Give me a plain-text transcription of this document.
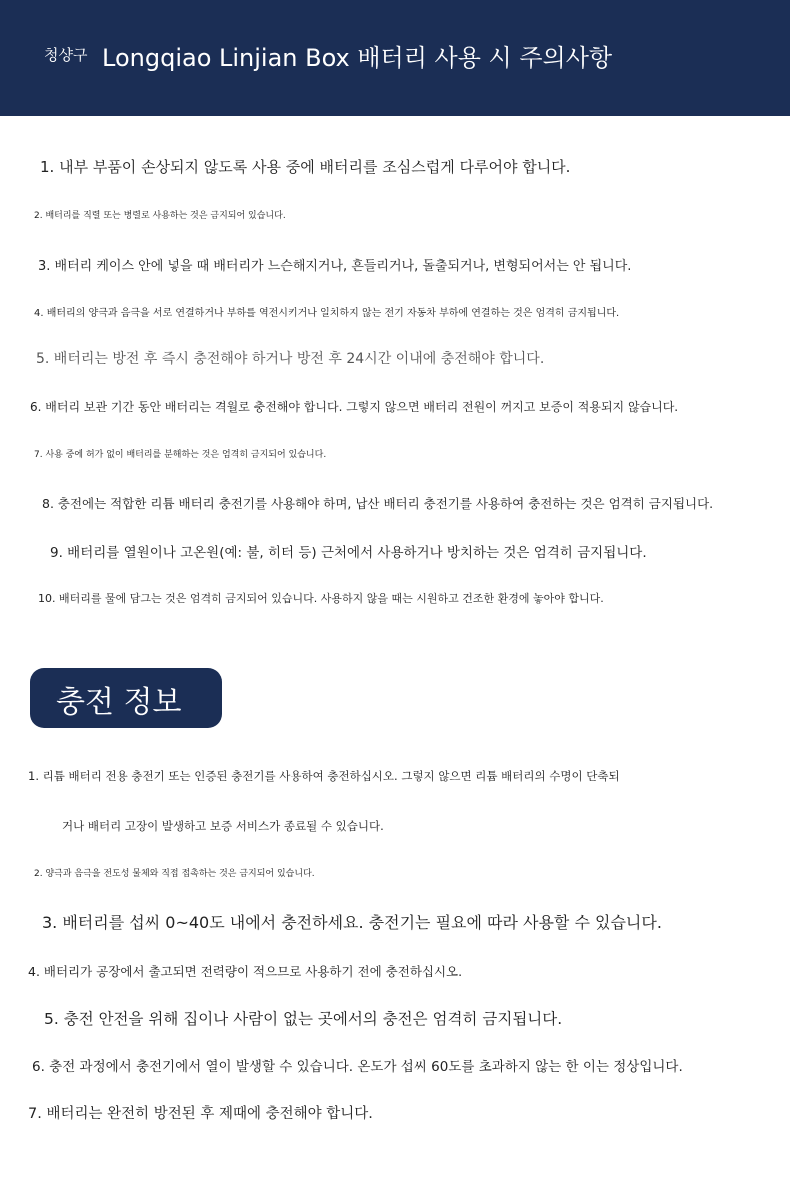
청샹구 Longqiao Linjian Box 배터리 사용 시 주의사항
1. 내부 부품이 손상되지 않도록 사용 중에 배터리를 조심스럽게 다루어야 합니다.
2. 배터리를 직렬 또는 병렬로 사용하는 것은 금지되어 있습니다.
3. 배터리 케이스 안에 넣을 때 배터리가 느슨해지거나, 흔들리거나, 돌출되거나, 변형되어서는 안 됩니다.
4. 배터리의 양극과 음극을 서로 연결하거나 부하를 역전시키거나 일치하지 않는 전기 자동차 부하에 연결하는 것은 엄격히 금지됩니다.
5. 배터리는 방전 후 즉시 충전해야 하거나 방전 후 24시간 이내에 충전해야 합니다.
6. 배터리 보관 기간 동안 배터리는 격월로 충전해야 합니다. 그렇지 않으면 배터리 전원이 꺼지고 보증이 적용되지 않습니다.
7. 사용 중에 허가 없이 배터리를 분해하는 것은 엄격히 금지되어 있습니다.
8. 충전에는 적합한 리튬 배터리 충전기를 사용해야 하며, 납산 배터리 충전기를 사용하여 충전하는 것은 엄격히 금지됩니다.
9. 배터리를 열원이나 고온원(예: 불, 히터 등) 근처에서 사용하거나 방치하는 것은 엄격히 금지됩니다.
10. 배터리를 물에 담그는 것은 엄격히 금지되어 있습니다. 사용하지 않을 때는 시원하고 건조한 환경에 놓아야 합니다.
충전 정보
1. 리튬 배터리 전용 충전기 또는 인증된 충전기를 사용하여 충전하십시오. 그렇지 않으면 리튬 배터리의 수명이 단축되
거나 배터리 고장이 발생하고 보증 서비스가 종료될 수 있습니다.
2. 양극과 음극을 전도성 물체와 직접 접촉하는 것은 금지되어 있습니다.
3. 배터리를 섭씨 0~40도 내에서 충전하세요. 충전기는 필요에 따라 사용할 수 있습니다.
4. 배터리가 공장에서 출고되면 전력량이 적으므로 사용하기 전에 충전하십시오.
5. 충전 안전을 위해 집이나 사람이 없는 곳에서의 충전은 엄격히 금지됩니다.
6. 충전 과정에서 충전기에서 열이 발생할 수 있습니다. 온도가 섭씨 60도를 초과하지 않는 한 이는 정상입니다.
7. 배터리는 완전히 방전된 후 제때에 충전해야 합니다.
